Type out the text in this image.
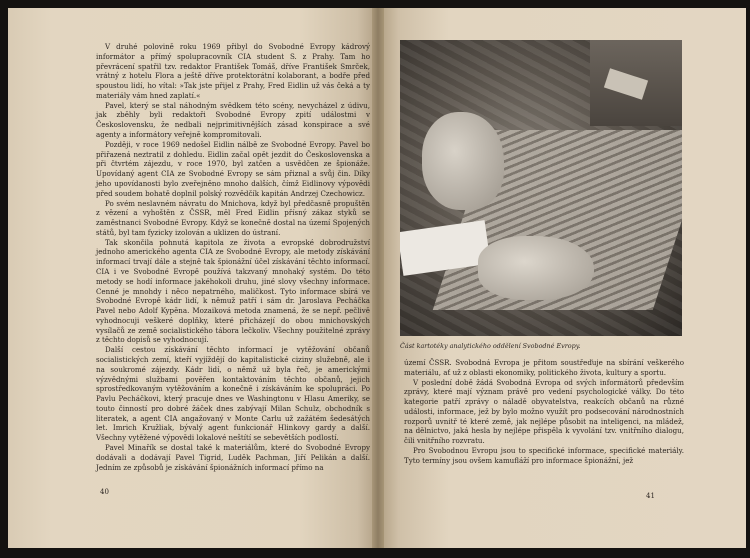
V druhé polovině roku 1969 přibyl do Svobodné Evropy kádrový informátor a přímý spolupracovník CIA student S. z Prahy. Tam ho převrácení spatřil tzv. redaktor František Tomáš, dříve František Smrček, vrátný z hotelu Flora a ještě dříve protektorátní kolaborant, a bodře před spoustou lidí, ho vítal: »Tak jste přijel z Prahy, Fred Eidlin už vás čeká a ty materiály vám hned zaplatí.«

Pavel, který se stal náhodným svědkem této scény, nevycházel z údivu, jak zběhly byli redaktoři Svobodné Evropy zpití událostmi v Československu, že nedbali nejprimitivnějších zásad konspirace a své agenty a informátory veřejně kompromitovali.

Později, v roce 1969 nedošel Eidlin nálbě ze Svobodné Evropy. Pavel bo přiřazená neztratil z dohledu. Eidlin začal opět jezdit do Československa a při čtvrtém zájezdu, v roce 1970, byl zatčen a usvědčen ze špionáže. Upovídaný agent CIA ze Svobodné Evropy se sám přiznal a svůj čin. Díky jeho upovídanosti bylo zveřejněno mnoho dalších, čímž Eidlinovy výpovědi před soudem bohatě doplnil polský rozvědčík kapitán Andrzej Czechowicz.

Po svém neslavném návratu do Mnichova, když byl předčasně propuštěn z vězení a vyhoštěn z ČSSR, měl Fred Eidlin přísný zákaz styků se zaměstnanci Svobodné Evropy. Když se konečně dostal na území Spojených států, byl tam fyzicky izolován a uklizen do ústraní.

Tak skončila pohnutá kapitola ze života a evropské dobrodružství jednoho amerického agenta CIA ze Svobodné Evropy, ale metody získávání informací trvají dále a stejně tak špionážní účel získávání těchto informací. CIA i ve Svobodné Evropě používá takzvaný mnohaký systém. Do této metody se hodí informace jakéhokoli druhu, jiné slovy všechny informace. Cenné je mnohdy i něco nepatrného, maličkost. Tyto informace sbírá ve Svobodné Evropě kádr lidí, k němuž patří i sám dr. Jaroslava Pecháčka Pavel nebo Adolf Kypěna. Mozaiková metoda znamená, že se nepř. pečlivě vyhodnocuji veškeré doplňky, které přicházejí do obou mnichovských vysílačů ze země socialistického tábora lečkoliv. Všechny použitelné zprávy z těchto dopisů se vyhodnocují.

Další cestou získávání těchto informací je vytěžování občanů socialistických zemí, kteří vyjíždějí do kapitalistické ciziny služebně, ale i na soukromé zájezdy. Kádr lidí, o němž už byla řeč, je americkými výzvědnými službami pověřen kontaktováním těchto občanů, jejich sprostředkovaným vytěžováním a konečně i získáváním ke spolupráci. Po Pavlu Pecháčkovi, který pracuje dnes ve Washingtonu v Hlasu Ameriky, se touto činností pro dobré žáček dnes zabývají Milan Schulz, obchodník s literatek, a agent CIA angažovaný v Monte Carlu už zažátém šedesátých let. Imrich Kružliak, bývalý agent funkcionář Hlinkovy gardy a další. Všechny vytěžené výpovědi lokalové neštítí se sebevětších podlostí.

Pavel Minařík se dostal také k materiálům, které do Svobodné Evropy dodávali a dodávají Pavel Tigrid, Luděk Pachman, Jiří Pelikán a další. Jedním ze způsobů je získávání špionážních informací přímo na

40
Část kartotéky analytického oddělení Svobodné Evropy.

území ČSSR. Svobodná Evropa je přitom soustřeďuje na sbírání veškerého materiálu, ať už z oblasti ekonomiky, politického života, kultury a sportu.

V poslední době žádá Svobodná Evropa od svých informátorů především zprávy, které mají význam právě pro vedení psychologické války. Do této kategorie patří zprávy o náladě obyvatelstva, reakcích občanů na různé události, informace, jež by bylo možno využít pro podsecování národnostních rozporů uvnitř té které země, jak nejlépe působit na inteligenci, na mládež, na dělnictvo, jaká hesla by nejlépe přispěla k vyvolání tzv. vnitřního dialogu, čili vnitřního rozvratu.

Pro Svobodnou Evropu jsou to specifické informace, specifické materiály. Tyto termíny jsou ovšem kamufláží pro informace špionážní, jež

41
